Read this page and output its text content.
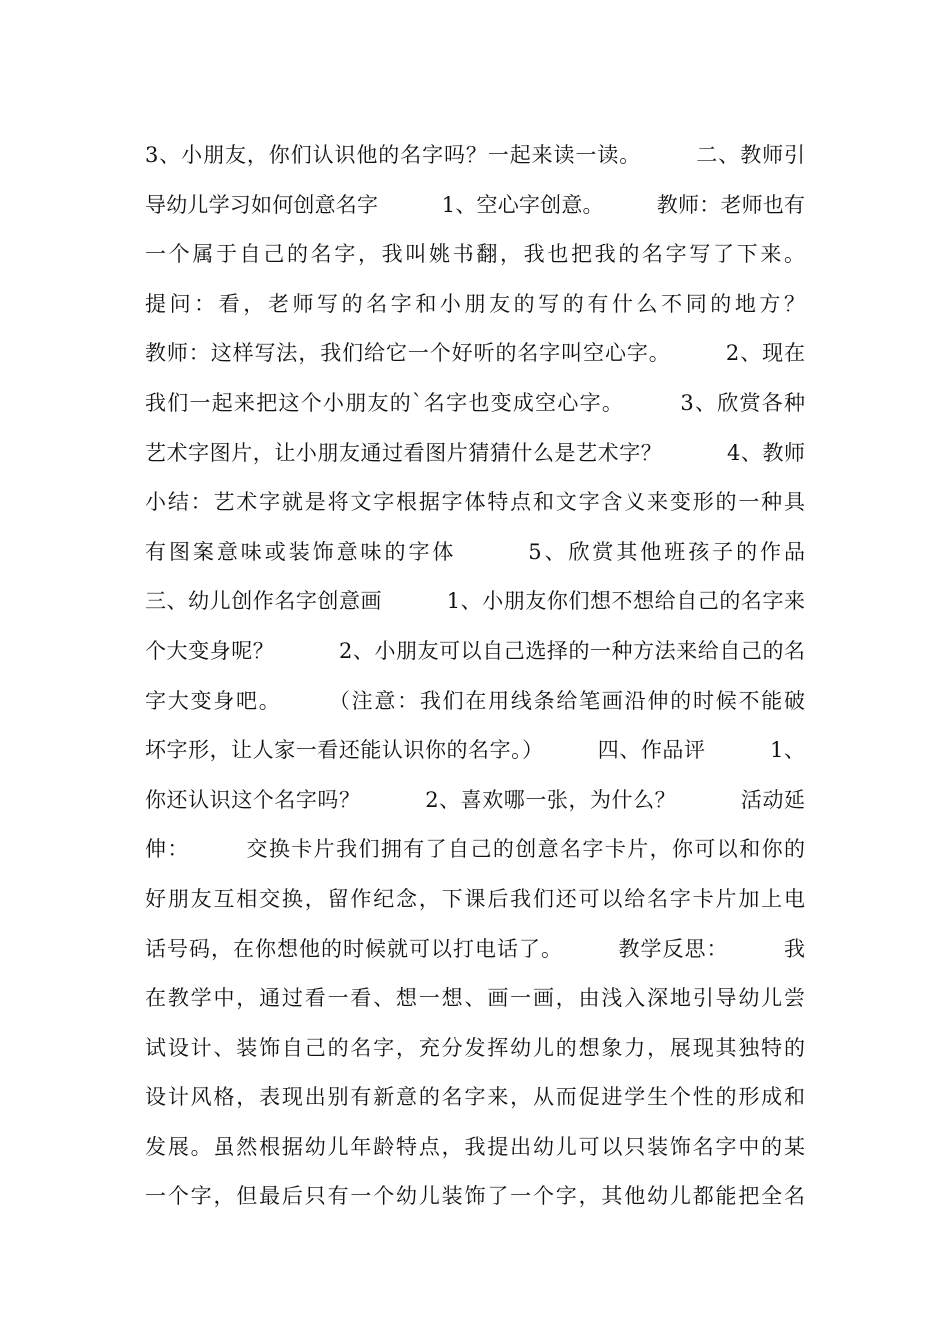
3、小朋友，你们认识他的名字吗？一起来读一读。　　　二、教师引
导幼儿学习如何创意名字　　　1、空心字创意。　　　教师：老师也有
一个属于自己的名字，我叫姚书翻，我也把我的名字写了下来。
提问：看，老师写的名字和小朋友的写的有什么不同的地方？
教师：这样写法，我们给它一个好听的名字叫空心字。　　　2、现在
我们一起来把这个小朋友的`名字也变成空心字。　　　3、欣赏各种
艺术字图片，让小朋友通过看图片猜猜什么是艺术字？　　　4、教师
小结：艺术字就是将文字根据字体特点和文字含义来变形的一种具
有图案意味或装饰意味的字体　　　5、欣赏其他班孩子的作品
三、幼儿创作名字创意画　　　1、小朋友你们想不想给自己的名字来
个大变身呢？　　　2、小朋友可以自己选择的一种方法来给自己的名
字大变身吧。　　　（注意：我们在用线条给笔画沿伸的时候不能破
坏字形，让人家一看还能认识你的名字。）　　　四、作品评　　　1、
你还认识这个名字吗？　　　2、喜欢哪一张，为什么？　　　活动延
伸：　　　交换卡片我们拥有了自己的创意名字卡片，你可以和你的
好朋友互相交换，留作纪念，下课后我们还可以给名字卡片加上电
话号码，在你想他的时候就可以打电话了。　　　教学反思：　　　我
在教学中，通过看一看、想一想、画一画，由浅入深地引导幼儿尝
试设计、装饰自己的名字，充分发挥幼儿的想象力，展现其独特的
设计风格，表现出别有新意的名字来，从而促进学生个性的形成和
发展。虽然根据幼儿年龄特点，我提出幼儿可以只装饰名字中的某
一个字，但最后只有一个幼儿装饰了一个字，其他幼儿都能把全名
